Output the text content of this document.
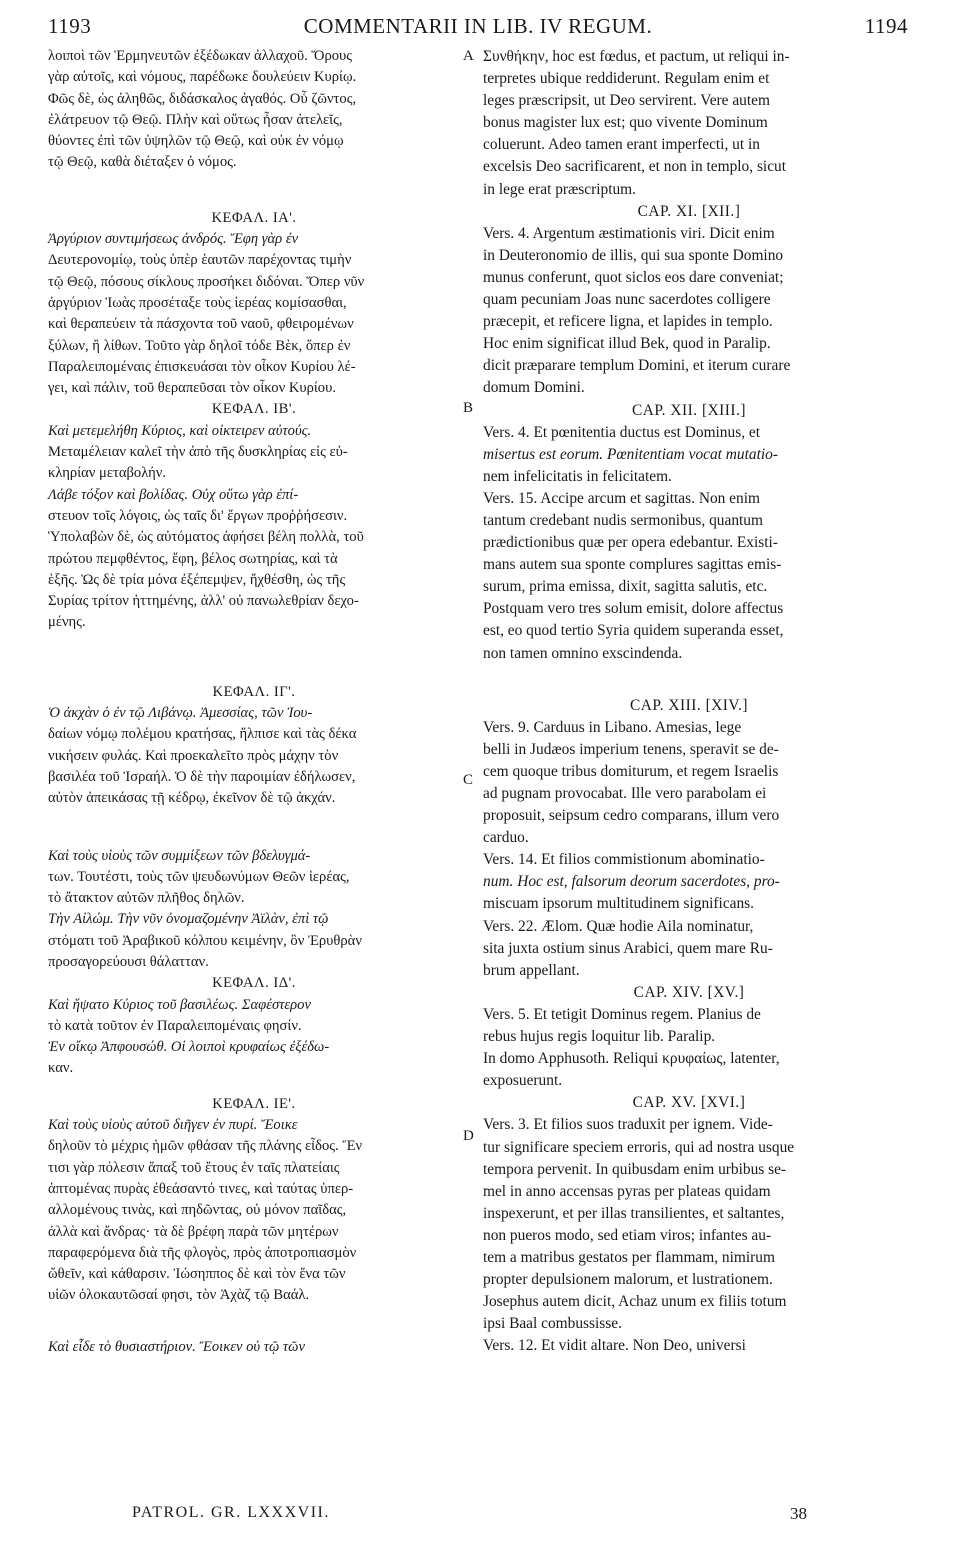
1193	COMMENTARII IN LIB. IV REGUM.	1194
A
B
C
D

λοιποὶ τῶν Ἑρμηνευτῶν ἐξέδωκαν ἀλλαχοῦ. Ὅρους

γὰρ αὐτοῖς, καὶ νόμους, παρέδωκε δουλεύειν Κυρίῳ.

Φῶς δὲ, ὡς ἀληθῶς, διδάσκαλος ἀγαθός. Οὗ ζῶντος,

ἐλάτρευον τῷ Θεῷ. Πλὴν καὶ οὕτως ἦσαν ἀτελεῖς,

θύοντες ἐπὶ τῶν ὑψηλῶν τῷ Θεῷ, καὶ οὐκ ἐν νόμῳ

τῷ Θεῷ, καθὰ διέταξεν ὁ νόμος.

ΚΕΦΑΛ. ΙΑ'.

Ἀργύριον συντιμήσεως ἀνδρός. Ἔφη γὰρ ἐν

Δευτερονομίῳ, τοὺς ὑπὲρ ἑαυτῶν παρέχοντας τιμὴν

τῷ Θεῷ, πόσους σίκλους προσήκει διδόναι. Ὅπερ νῦν

ἀργύριον Ἰωὰς προσέταξε τοὺς ἱερέας κομίσασθαι,

καὶ θεραπεύειν τὰ πάσχοντα τοῦ ναοῦ, φθειρομένων

ξύλων, ἢ λίθων. Τοῦτο γὰρ δηλοῖ τόδε Βὲκ, ὅπερ ἐν

Παραλειπομέναις ἐπισκευάσαι τὸν οἶκον Κυρίου λέ-

γει, καὶ πάλιν, τοῦ θεραπεῦσαι τὸν οἶκον Κυρίου.

ΚΕΦΑΛ. ΙΒ'.

Καὶ μετεμελήθη Κύριος, καὶ οἰκτειρεν αὐτούς.

Μεταμέλειαν καλεῖ τὴν ἀπὸ τῆς δυσκληρίας εἰς εὐ-

κληρίαν μεταβολήν.

Λάβε τόξον καὶ βολίδας. Οὐχ οὕτω γὰρ ἐπί-

στευον τοῖς λόγοις, ὡς ταῖς δι' ἔργων προῤῥήσεσιν.

Ὑπολαβὼν δὲ, ὡς αὐτόματος ἀφήσει βέλη πολλὰ, τοῦ

πρώτου πεμφθέντος, ἔφη, βέλος σωτηρίας, καὶ τὰ

ἑξῆς. Ὡς δὲ τρία μόνα ἐξέπεμψεν, ἤχθέσθη, ὡς τῆς

Συρίας τρίτον ἡττημένης, ἀλλ' οὐ πανωλεθρίαν δεχο-

μένης.

ΚΕΦΑΛ. ΙΓ'.

Ὁ ἀκχὰν ὁ ἐν τῷ Λιβάνῳ. Ἀμεσσίας, τῶν Ἰου-

δαίων νόμῳ πολέμου κρατήσας, ἤλπισε καὶ τὰς δέκα

νικήσειν φυλάς. Καὶ προεκαλεῖτο πρὸς μάχην τὸν

βασιλέα τοῦ Ἰσραήλ. Ὁ δὲ τὴν παροιμίαν ἐδήλωσεν,

αὐτὸν ἀπεικάσας τῇ κέδρῳ, ἐκεῖνον δὲ τῷ ἀκχάν.

Καὶ τοὺς υἱοὺς τῶν συμμίξεων τῶν βδελυγμά-

των. Τουτέστι, τοὺς τῶν ψευδωνύμων Θεῶν ἱερέας,

τὸ ἄτακτον αὐτῶν πλῆθος δηλῶν.

Τὴν Αἰλώμ. Τὴν νῦν ὀνομαζομένην Ἀϊλὰν, ἐπὶ τῷ

στόματι τοῦ Ἀραβικοῦ κόλπου κειμένην, ὃν Ἐρυθρὰν

προσαγορεύουσι θάλατταν.

ΚΕΦΑΛ. ΙΔ'.

Καὶ ἥψατο Κύριος τοῦ βασιλέως. Σαφέστερον

τὸ κατὰ τοῦτον ἐν Παραλειπομέναις φησίν.

Ἐν οἴκῳ Ἀπφουσώθ. Οἱ λοιποὶ κρυφαίως ἐξέδω-

καν.

ΚΕΦΑΛ. ΙΕ'.

Καὶ τοὺς υἱοὺς αὐτοῦ διῆγεν ἐν πυρί. Ἔοικε

δηλοῦν τὸ μέχρις ἡμῶν φθάσαν τῆς πλάνης εἶδος. Ἔν

τισι γὰρ πόλεσιν ἅπαξ τοῦ ἔτους ἐν ταῖς πλατείαις

ἁπτομένας πυρὰς ἐθεάσαντό τινες, καὶ ταύτας ὑπερ-

αλλομένους τινὰς, καὶ πηδῶντας, οὐ μόνον παῖδας,

ἀλλὰ καὶ ἄνδρας· τὰ δὲ βρέφη παρὰ τῶν μητέρων

παραφερόμενα διὰ τῆς φλογὸς, πρὸς ἀποτροπιασμὸν

ὤθεῖν, καὶ κάθαρσιν. Ἰώσηππος δὲ καὶ τὸν ἕνα τῶν

υἱῶν ὁλοκαυτῶσαί φησι, τὸν Ἀχὰζ τῷ Βαάλ.

Καὶ εἶδε τὸ θυσιαστήριον. Ἔοικεν οὐ τῷ τῶν

Συνθήκην, hoc est fœdus, et pactum, ut reliqui in-

terpretes ubique reddiderunt. Regulam enim et

leges præscripsit, ut Deo servirent. Vere autem

bonus magister lux est; quo vivente Dominum

coluerunt. Adeo tamen erant imperfecti, ut in

excelsis Deo sacrificarent, et non in templo, sicut

in lege erat præscriptum.

CAP. XI. [XII.]

Vers. 4. Argentum æstimationis viri. Dicit enim

in Deuteronomio de illis, qui sua sponte Domino

munus conferunt, quot siclos eos dare conveniat;

quam pecuniam Joas nunc sacerdotes colligere

præcepit, et reficere ligna, et lapides in templo.

Hoc enim significat illud Bek, quod in Paralip.

dicit præparare templum Domini, et iterum curare

domum Domini.

CAP. XII. [XIII.]

Vers. 4. Et pœnitentia ductus est Dominus, et

misertus est eorum. Pœnitentiam vocat mutatio-

nem infelicitatis in felicitatem.

Vers. 15. Accipe arcum et sagittas. Non enim

tantum credebant nudis sermonibus, quantum

prædictionibus quæ per opera edebantur. Existi-

mans autem sua sponte complures sagittas emis-

surum, prima emissa, dixit, sagitta salutis, etc.

Postquam vero tres solum emisit, dolore affectus

est, eo quod tertio Syria quidem superanda esset,

non tamen omnino exscindenda.

CAP. XIII. [XIV.]

Vers. 9. Carduus in Libano. Amesias, lege

belli in Judæos imperium tenens, speravit se de-

cem quoque tribus domiturum, et regem Israelis

ad pugnam provocabat. Ille vero parabolam ei

proposuit, seipsum cedro comparans, illum vero

carduo.

Vers. 14. Et filios commistionum abominatio-

num. Hoc est, falsorum deorum sacerdotes, pro-

miscuam ipsorum multitudinem significans.

Vers. 22. Ælom. Quæ hodie Aila nominatur,

sita juxta ostium sinus Arabici, quem mare Ru-

brum appellant.

CAP. XIV. [XV.]

Vers. 5. Et tetigit Dominus regem. Planius de

rebus hujus regis loquitur lib. Paralip.

In domo Apphusoth. Reliqui κρυφαίως, latenter,

exposuerunt.

CAP. XV. [XVI.]

Vers. 3. Et filios suos traduxit per ignem. Vide-

tur significare speciem erroris, qui ad nostra usque

tempora pervenit. In quibusdam enim urbibus se-

mel in anno accensas pyras per plateas quidam

inspexerunt, et per illas transilientes, et saltantes,

non pueros modo, sed etiam viros; infantes au-

tem a matribus gestatos per flammam, nimirum

propter depulsionem malorum, et lustrationem.

Josephus autem dicit, Achaz unum ex filiis totum

ipsi Baal combussisse.

Vers. 12. Et vidit altare. Non Deo, universi

PATROL. GR. LXXXVII.	38
